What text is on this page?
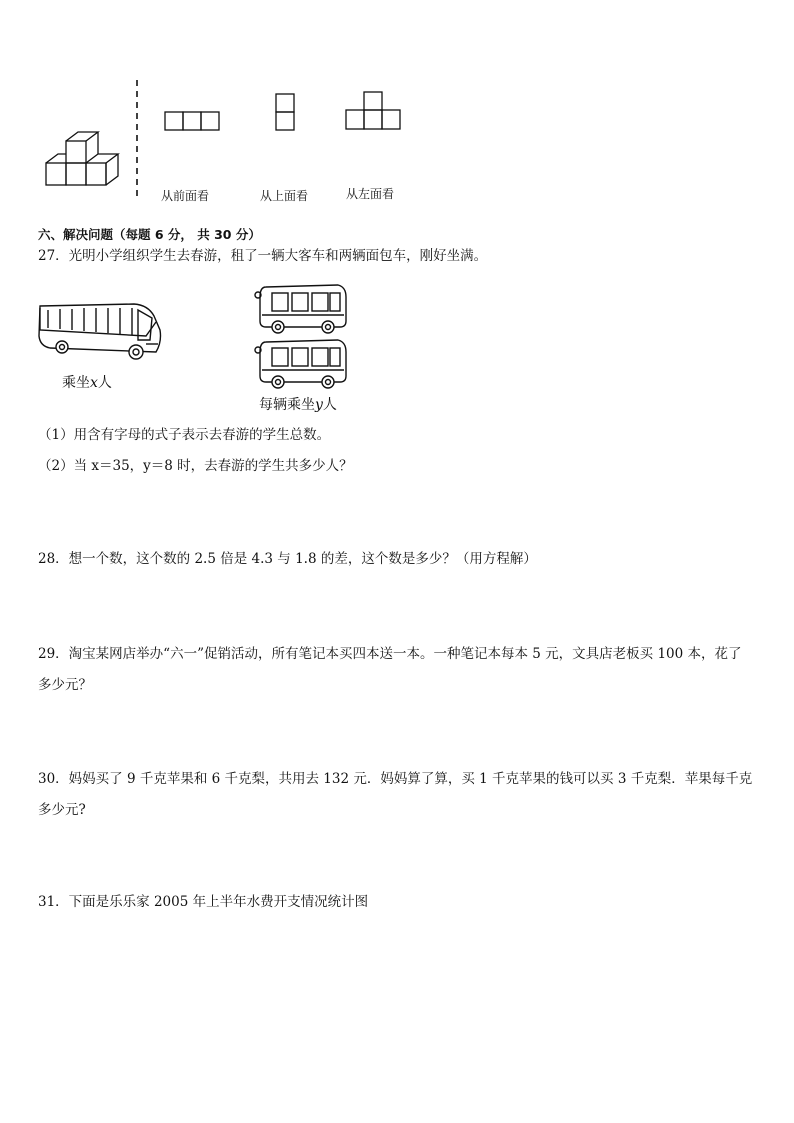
从前面看	从上面看	从左面看
六、解决问题（每题 6 分， 共 30 分）
27．光明小学组织学生去春游，租了一辆大客车和两辆面包车，刚好坐满。
乘坐x人
每辆乘坐y人
（1）用含有字母的式子表示去春游的学生总数。
（2）当 x＝35，y＝8 时，去春游的学生共多少人？
28．想一个数，这个数的 2.5 倍是 4.3 与 1.8 的差，这个数是多少？（用方程解）
29．淘宝某网店举办“六一”促销活动，所有笔记本买四本送一本。一种笔记本每本 5 元，文具店老板买 100 本，花了
多少元？
30．妈妈买了 9 千克苹果和 6 千克梨，共用去 132 元．妈妈算了算，买 1 千克苹果的钱可以买 3 千克梨．苹果每千克
多少元?
31．下面是乐乐家 2005 年上半年水费开支情况统计图
